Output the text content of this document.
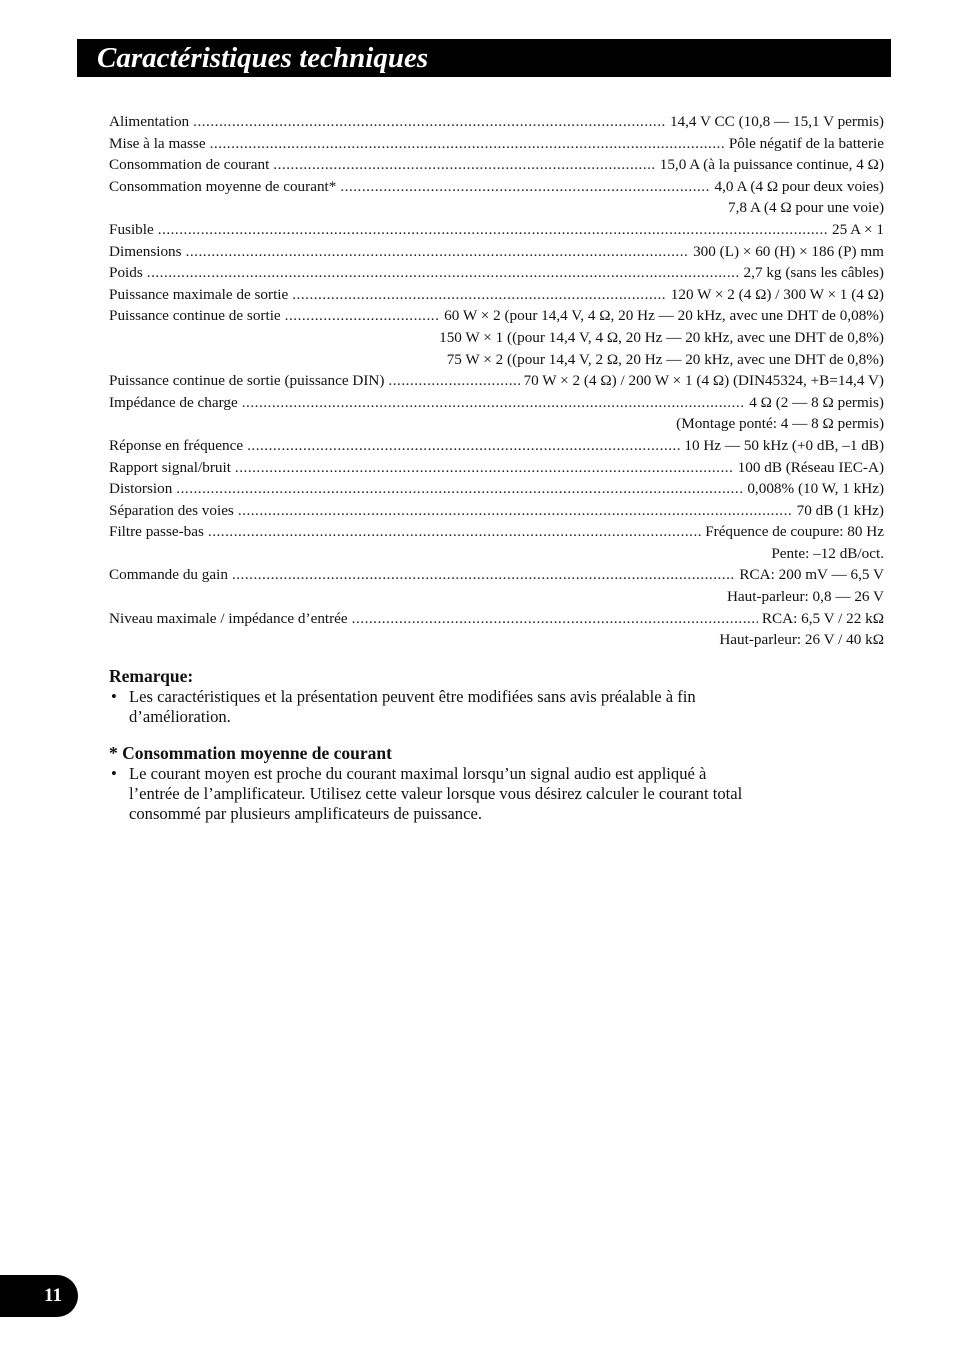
Caractéristiques techniques
Alimentation .....	14,4 V CC (10,8 — 15,1 V permis)
Mise à la masse .....	Pôle négatif de la batterie
Consommation de courant .....	15,0 A (à la puissance continue, 4 Ω)
Consommation moyenne de courant* .....	4,0 A (4 Ω pour deux voies)
7,8 A (4 Ω pour une voie)
Fusible .....	25 A × 1
Dimensions .....	300 (L) × 60 (H) × 186 (P) mm
Poids .....	2,7 kg (sans les câbles)
Puissance maximale de sortie .....	120 W × 2 (4 Ω) / 300 W × 1 (4 Ω)
Puissance continue de sortie .....	60 W × 2 (pour 14,4 V, 4 Ω, 20 Hz — 20 kHz, avec une DHT de 0,08%)
150 W × 1 ((pour 14,4 V, 4 Ω, 20 Hz — 20 kHz, avec une DHT de 0,8%)
75 W × 2 ((pour 14,4 V, 2 Ω, 20 Hz — 20 kHz, avec une DHT de 0,8%)
Puissance continue de sortie (puissance DIN) .....	70 W × 2 (4 Ω) / 200 W × 1 (4 Ω) (DIN45324, +B=14,4 V)
Impédance de charge .....	4 Ω (2 — 8 Ω permis)
(Montage ponté: 4 — 8 Ω permis)
Réponse en fréquence .....	10 Hz — 50 kHz (+0 dB, –1 dB)
Rapport signal/bruit .....	100 dB (Réseau IEC-A)
Distorsion .....	0,008% (10 W, 1 kHz)
Séparation des voies .....	70 dB (1 kHz)
Filtre passe-bas .....	Fréquence de coupure: 80 Hz
Pente: –12 dB/oct.
Commande du gain .....	RCA: 200 mV — 6,5 V
Haut-parleur: 0,8 — 26 V
Niveau maximale / impédance d’entrée .....	RCA: 6,5 V / 22 kΩ
Haut-parleur: 26 V / 40 kΩ

Remarque:

• Les caractéristiques et la présentation peuvent être modifiées sans avis préalable à fin d’amélioration.

* Consommation moyenne de courant

• Le courant moyen est proche du courant maximal lorsqu’un signal audio est appliqué à l’entrée de l’amplificateur. Utilisez cette valeur lorsque vous désirez calculer le courant total consommé par plusieurs amplificateurs de puissance.

11
